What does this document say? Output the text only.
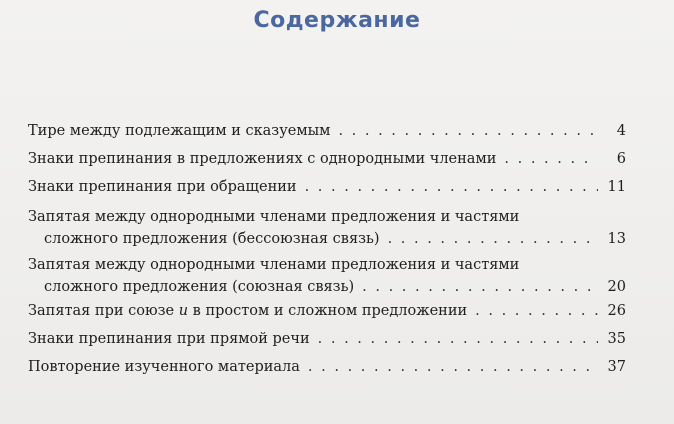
Содержание
Тире между подлежащим и сказуемым . . .	4
Знаки препинания в предложениях с однородными членами . . .	6
Знаки препинания при обращении . . .	11
Запятая между однородными членами предложения и частями
сложного предложения (бессоюзная связь) . . .	13
Запятая между однородными членами предложения и частями
сложного предложения (союзная связь) . . .	20
Запятая при союзе и в простом и сложном предложении . . .	26
Знаки препинания при прямой речи . . .	35
Повторение изученного материала . . .	37
